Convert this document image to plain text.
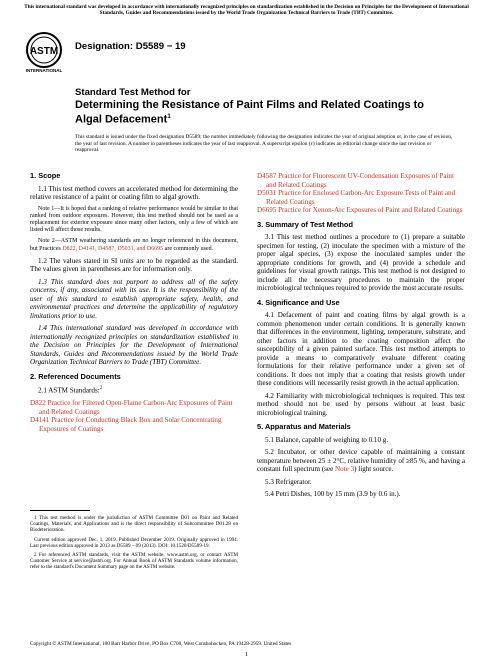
This international standard was developed in accordance with internationally recognized principles on standardization established in the Decision on Principles for the Development of International Standards, Guides and Recommendations issued by the World Trade Organization Technical Barriers to Trade (TBT) Committee.
ASTM
INTERNATIONAL
Designation: D5589 − 19
Standard Test Method for
Determining the Resistance of Paint Films and Related Coatings to Algal Defacement$^1$
This standard is issued under the fixed designation D5589; the number immediately following the designation indicates the year of original adoption or, in the case of revision, the year of last revision. A number in parentheses indicates the year of last reapproval. A superscript epsilon (ε) indicates an editorial change since the last revision or reapproval.
1. Scope

1.1 This test method covers an accelerated method for determining the relative resistance of a paint or coating film to algal growth.

Note 1—It is hoped that a ranking of relative performance would be similar to that ranked from outdoor exposures. However, this test method should not be used as a replacement for exterior exposure since many other factors, only a few of which are listed will affect those results.

Note 2—ASTM weathering standards are no longer referenced in this document, but Practices D822, D4141, D4587, D5031, and D6695 are commonly used.

1.2 The values stated in SI units are to be regarded as the standard. The values given in parentheses are for information only.

1.3 This standard does not purport to address all of the safety concerns, if any, associated with its use. It is the responsibility of the user of this standard to establish appropriate safety, health, and environmental practices and determine the applicability of regulatory limitations prior to use.

1.4 This international standard was developed in accordance with internationally recognized principles on standardization established in the Decision on Principles for the Development of International Standards, Guides and Recommendations issued by the World Trade Organization Technical Barriers to Trade (TBT) Committee.

2. Referenced Documents

2.1 ASTM Standards:$^2$

D822 Practice for Filtered Open-Flame Carbon-Arc Exposures of Paint and Related Coatings
D4141 Practice for Conducting Black Box and Solar Concentrating Exposures of Coatings
D4587 Practice for Fluorescent UV-Condensation Exposures of Paint and Related Coatings
D5031 Practice for Enclosed Carbon-Arc Exposure Tests of Paint and Related Coatings
D6695 Practice for Xenon-Arc Exposures of Paint and Related Coatings
3. Summary of Test Method

3.1 This test method outlines a procedure to (1) prepare a suitable specimen for testing, (2) inoculate the specimen with a mixture of the proper algal species, (3) expose the inoculated samples under the appropriate conditions for growth, and (4) provide a schedule and guidelines for visual growth ratings. This test method is not designed to include all the necessary procedures to maintain the proper microbiological techniques required to provide the most accurate results.

4. Significance and Use

4.1 Defacement of paint and coating films by algal growth is a common phenomenon under certain conditions. It is generally known that differences in the environment, lighting, temperature, substrate, and other factors in addition to the coating composition affect the susceptibility of a given painted surface. This test method attempts to provide a means to comparatively evaluate different coating formulations for their relative performance under a given set of conditions. It does not imply that a coating that resists growth under these conditions will necessarily resist growth in the actual application.

4.2 Familiarity with microbiological techniques is required. This test method should not be used by persons without at least basic microbiological training.

5. Apparatus and Materials

5.1 Balance, capable of weighing to 0.10 g.

5.2 Incubator, or other device capable of maintaining a constant temperature between 25 ± 2°C, relative humidity of ≥85 %, and having a constant full spectrum (see Note 3) light source.

5.3 Refrigerator.

5.4 Petri Dishes, 100 by 15 mm (3.9 by 0.6 in.).

1 This test method is under the jurisdiction of ASTM Committee D01 on Paint and Related Coatings, Materials, and Applications and is the direct responsibility of Subcommittee D01.28 on Biodeterioration.

Current edition approved Dec. 1, 2019. Published December 2019. Originally approved in 1994. Last previous edition approved in 2013 as D5589 – 09 (2013). DOI: 10.1520/D5589-19.

2 For referenced ASTM standards, visit the ASTM website, www.astm.org, or contact ASTM Customer Service at service@astm.org. For Annual Book of ASTM Standards volume information, refer to the standard's Document Summary page on the ASTM website.

Copyright © ASTM International, 100 Barr Harbor Drive, PO Box C700, West Conshohocken, PA 19428-2959. United States
1
